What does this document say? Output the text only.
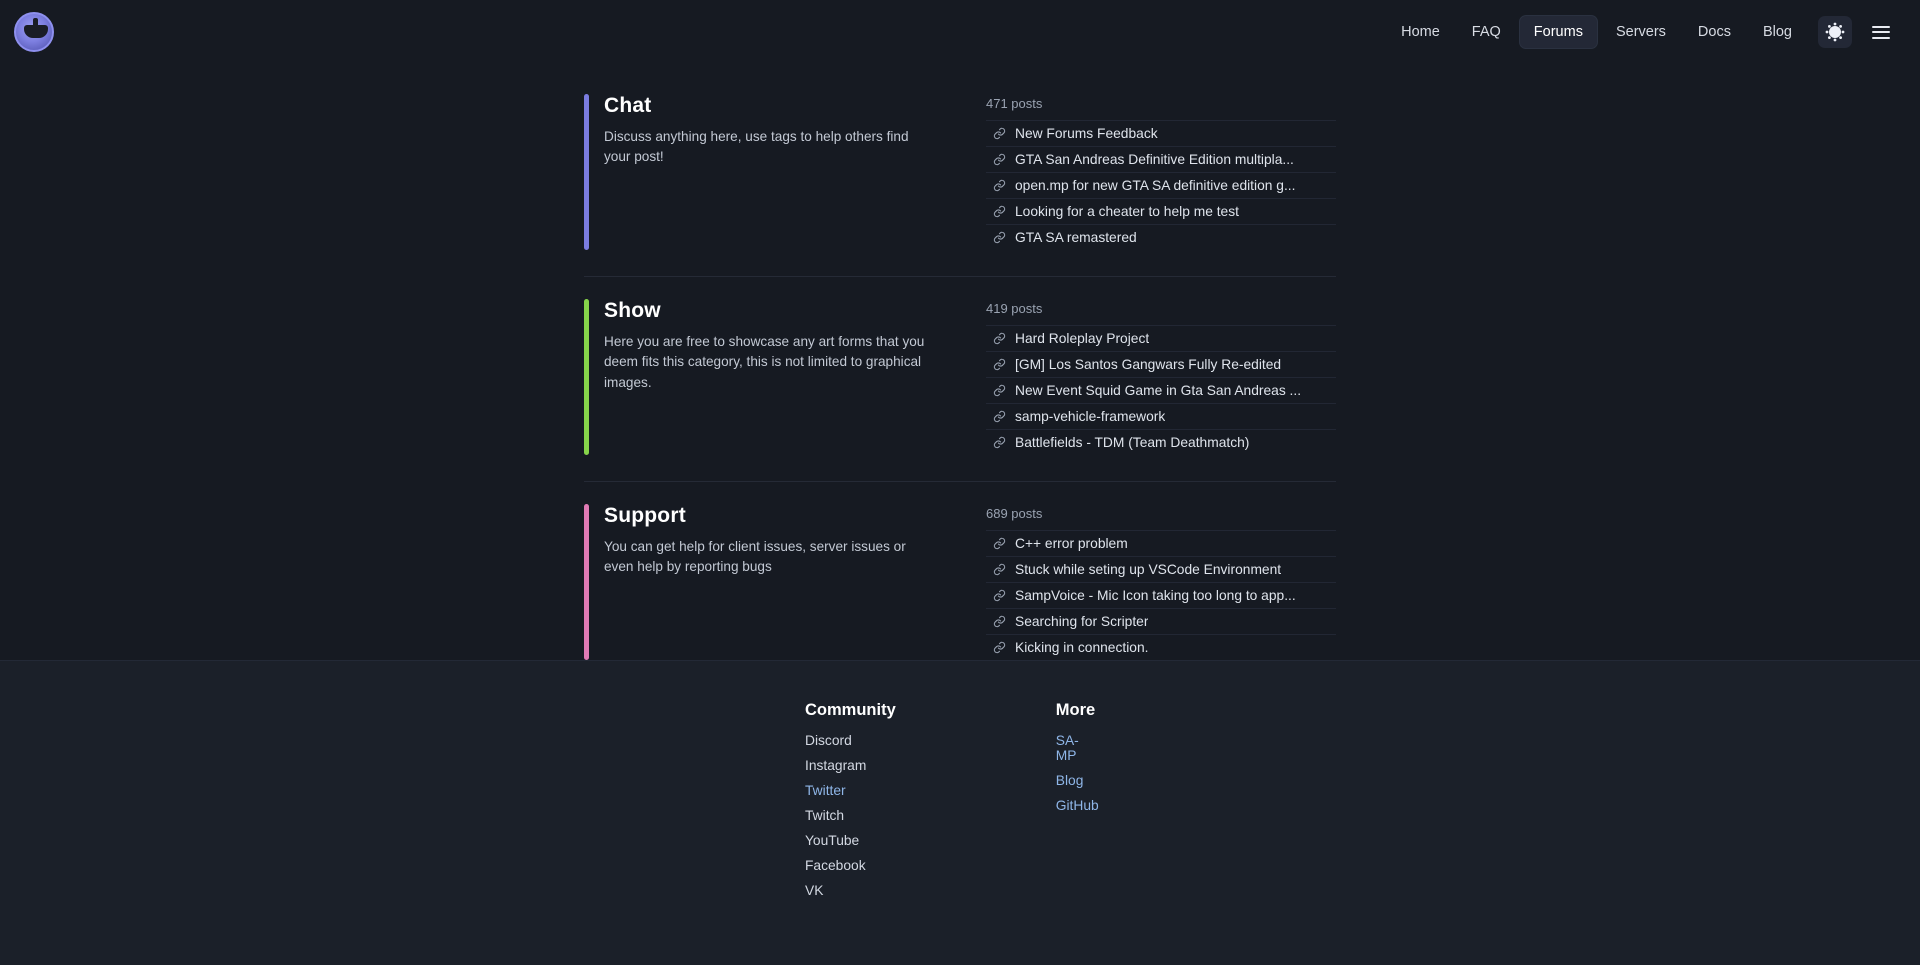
Home	FAQ	Forums	Servers	Docs	Blog
Chat
Discuss anything here, use tags to help others find your post!
471 posts
New Forums Feedback
GTA San Andreas Definitive Edition multipla...
open.mp for new GTA SA definitive edition g...
Looking for a cheater to help me test
GTA SA remastered
Show
Here you are free to showcase any art forms that you deem fits this category, this is not limited to graphical images.
419 posts
Hard Roleplay Project
[GM] Los Santos Gangwars Fully Re-edited
New Event Squid Game in Gta San Andreas ...
samp-vehicle-framework
Battlefields - TDM (Team Deathmatch)
Support
You can get help for client issues, server issues or even help by reporting bugs
689 posts
C++ error problem
Stuck while seting up VSCode Environment
SampVoice - Mic Icon taking too long to app...
Searching for Scripter
Kicking in connection.
Community
Discord
Instagram
Twitter
Twitch
YouTube
Facebook
VK
More
SA-MP
Blog
GitHub
